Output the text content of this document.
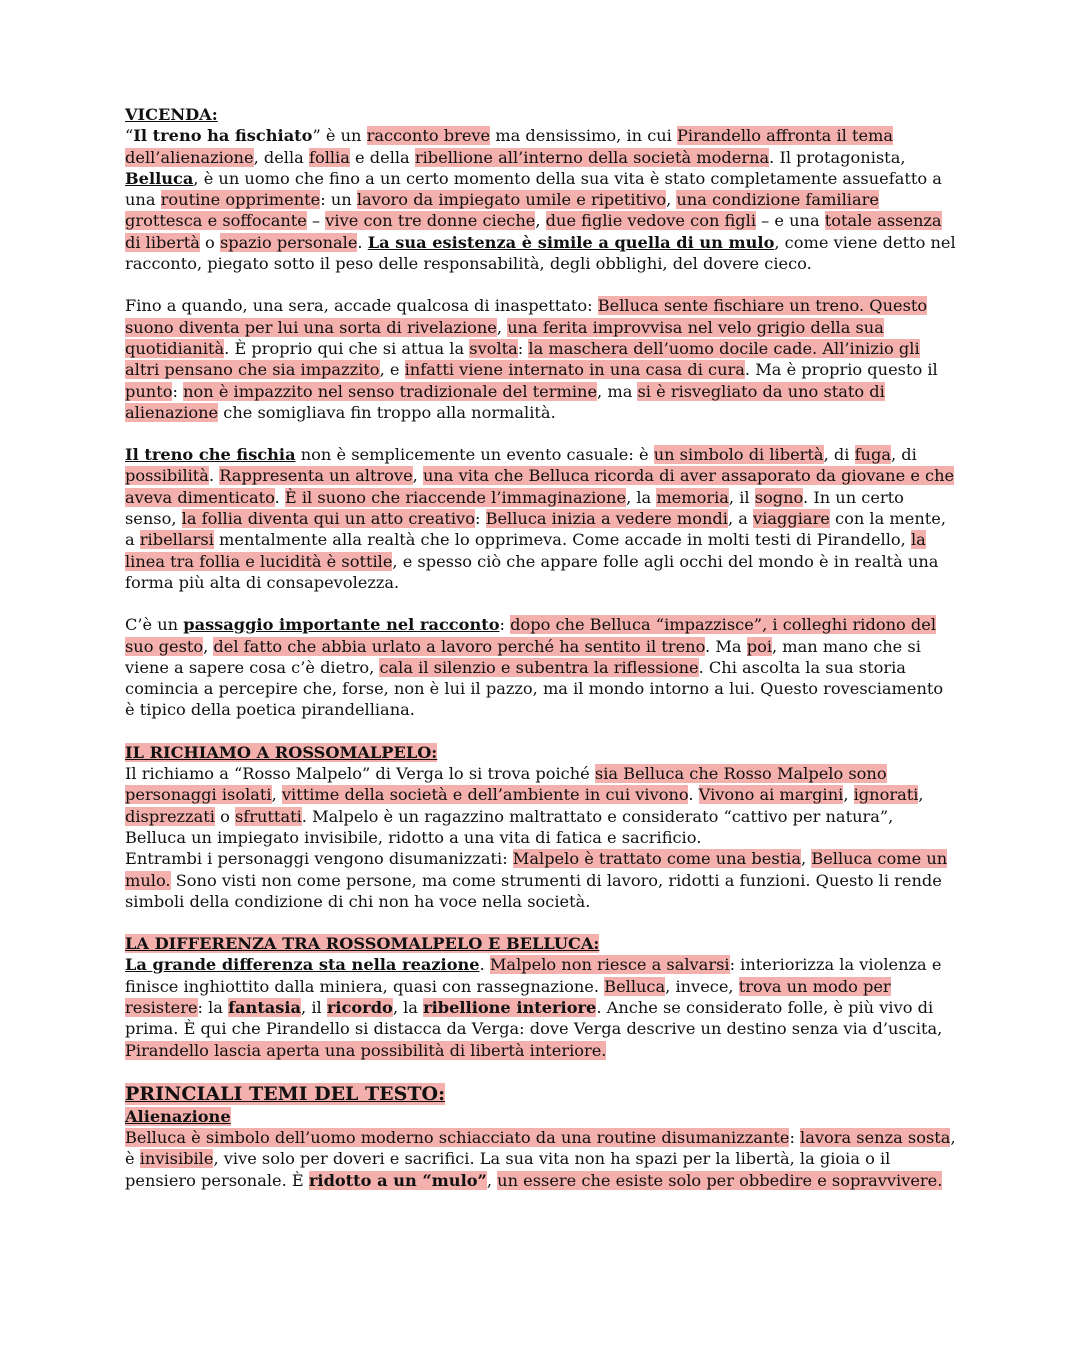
VICENDA:

“Il treno ha fischiato” è un racconto breve ma densissimo, in cui Pirandello affronta il tema dell’alienazione, della follia e della ribellione all’interno della società moderna. Il protagonista, Belluca, è un uomo che fino a un certo momento della sua vita è stato completamente assuefatto a una routine opprimente: un lavoro da impiegato umile e ripetitivo, una condizione familiare grottesca e soffocante – vive con tre donne cieche, due figlie vedove con figli – e una totale assenza di libertà o spazio personale. La sua esistenza è simile a quella di un mulo, come viene detto nel racconto, piegato sotto il peso delle responsabilità, degli obblighi, del dovere cieco.

Fino a quando, una sera, accade qualcosa di inaspettato: Belluca sente fischiare un treno. Questo suono diventa per lui una sorta di rivelazione, una ferita improvvisa nel velo grigio della sua quotidianità. È proprio qui che si attua la svolta: la maschera dell’uomo docile cade. All’inizio gli altri pensano che sia impazzito, e infatti viene internato in una casa di cura. Ma è proprio questo il punto: non è impazzito nel senso tradizionale del termine, ma si è risvegliato da uno stato di alienazione che somigliava fin troppo alla normalità.

Il treno che fischia non è semplicemente un evento casuale: è un simbolo di libertà, di fuga, di possibilità. Rappresenta un altrove, una vita che Belluca ricorda di aver assaporato da giovane e che aveva dimenticato. È il suono che riaccende l’immaginazione, la memoria, il sogno. In un certo senso, la follia diventa qui un atto creativo: Belluca inizia a vedere mondi, a viaggiare con la mente, a ribellarsi mentalmente alla realtà che lo opprimeva. Come accade in molti testi di Pirandello, la linea tra follia e lucidità è sottile, e spesso ciò che appare folle agli occhi del mondo è in realtà una forma più alta di consapevolezza.

C’è un passaggio importante nel racconto: dopo che Belluca “impazzisce”, i colleghi ridono del suo gesto, del fatto che abbia urlato a lavoro perché ha sentito il treno. Ma poi, man mano che si viene a sapere cosa c’è dietro, cala il silenzio e subentra la riflessione. Chi ascolta la sua storia comincia a percepire che, forse, non è lui il pazzo, ma il mondo intorno a lui. Questo rovesciamento è tipico della poetica pirandelliana.

IL RICHIAMO A ROSSOMALPELO:

Il richiamo a “Rosso Malpelo” di Verga lo si trova poiché sia Belluca che Rosso Malpelo sono personaggi isolati, vittime della società e dell’ambiente in cui vivono. Vivono ai margini, ignorati, disprezzati o sfruttati. Malpelo è un ragazzino maltrattato e considerato “cattivo per natura”, Belluca un impiegato invisibile, ridotto a una vita di fatica e sacrificio.

Entrambi i personaggi vengono disumanizzati: Malpelo è trattato come una bestia, Belluca come un mulo. Sono visti non come persone, ma come strumenti di lavoro, ridotti a funzioni. Questo li rende simboli della condizione di chi non ha voce nella società.

LA DIFFERENZA TRA ROSSOMALPELO E BELLUCA:

La grande differenza sta nella reazione. Malpelo non riesce a salvarsi: interiorizza la violenza e finisce inghiottito dalla miniera, quasi con rassegnazione. Belluca, invece, trova un modo per resistere: la fantasia, il ricordo, la ribellione interiore. Anche se considerato folle, è più vivo di prima. È qui che Pirandello si distacca da Verga: dove Verga descrive un destino senza via d’uscita, Pirandello lascia aperta una possibilità di libertà interiore.

PRINCIALI TEMI DEL TESTO:

Alienazione

Belluca è simbolo dell’uomo moderno schiacciato da una routine disumanizzante: lavora senza sosta, è invisibile, vive solo per doveri e sacrifici. La sua vita non ha spazi per la libertà, la gioia o il pensiero personale. È ridotto a un “mulo”, un essere che esiste solo per obbedire e sopravvivere.
